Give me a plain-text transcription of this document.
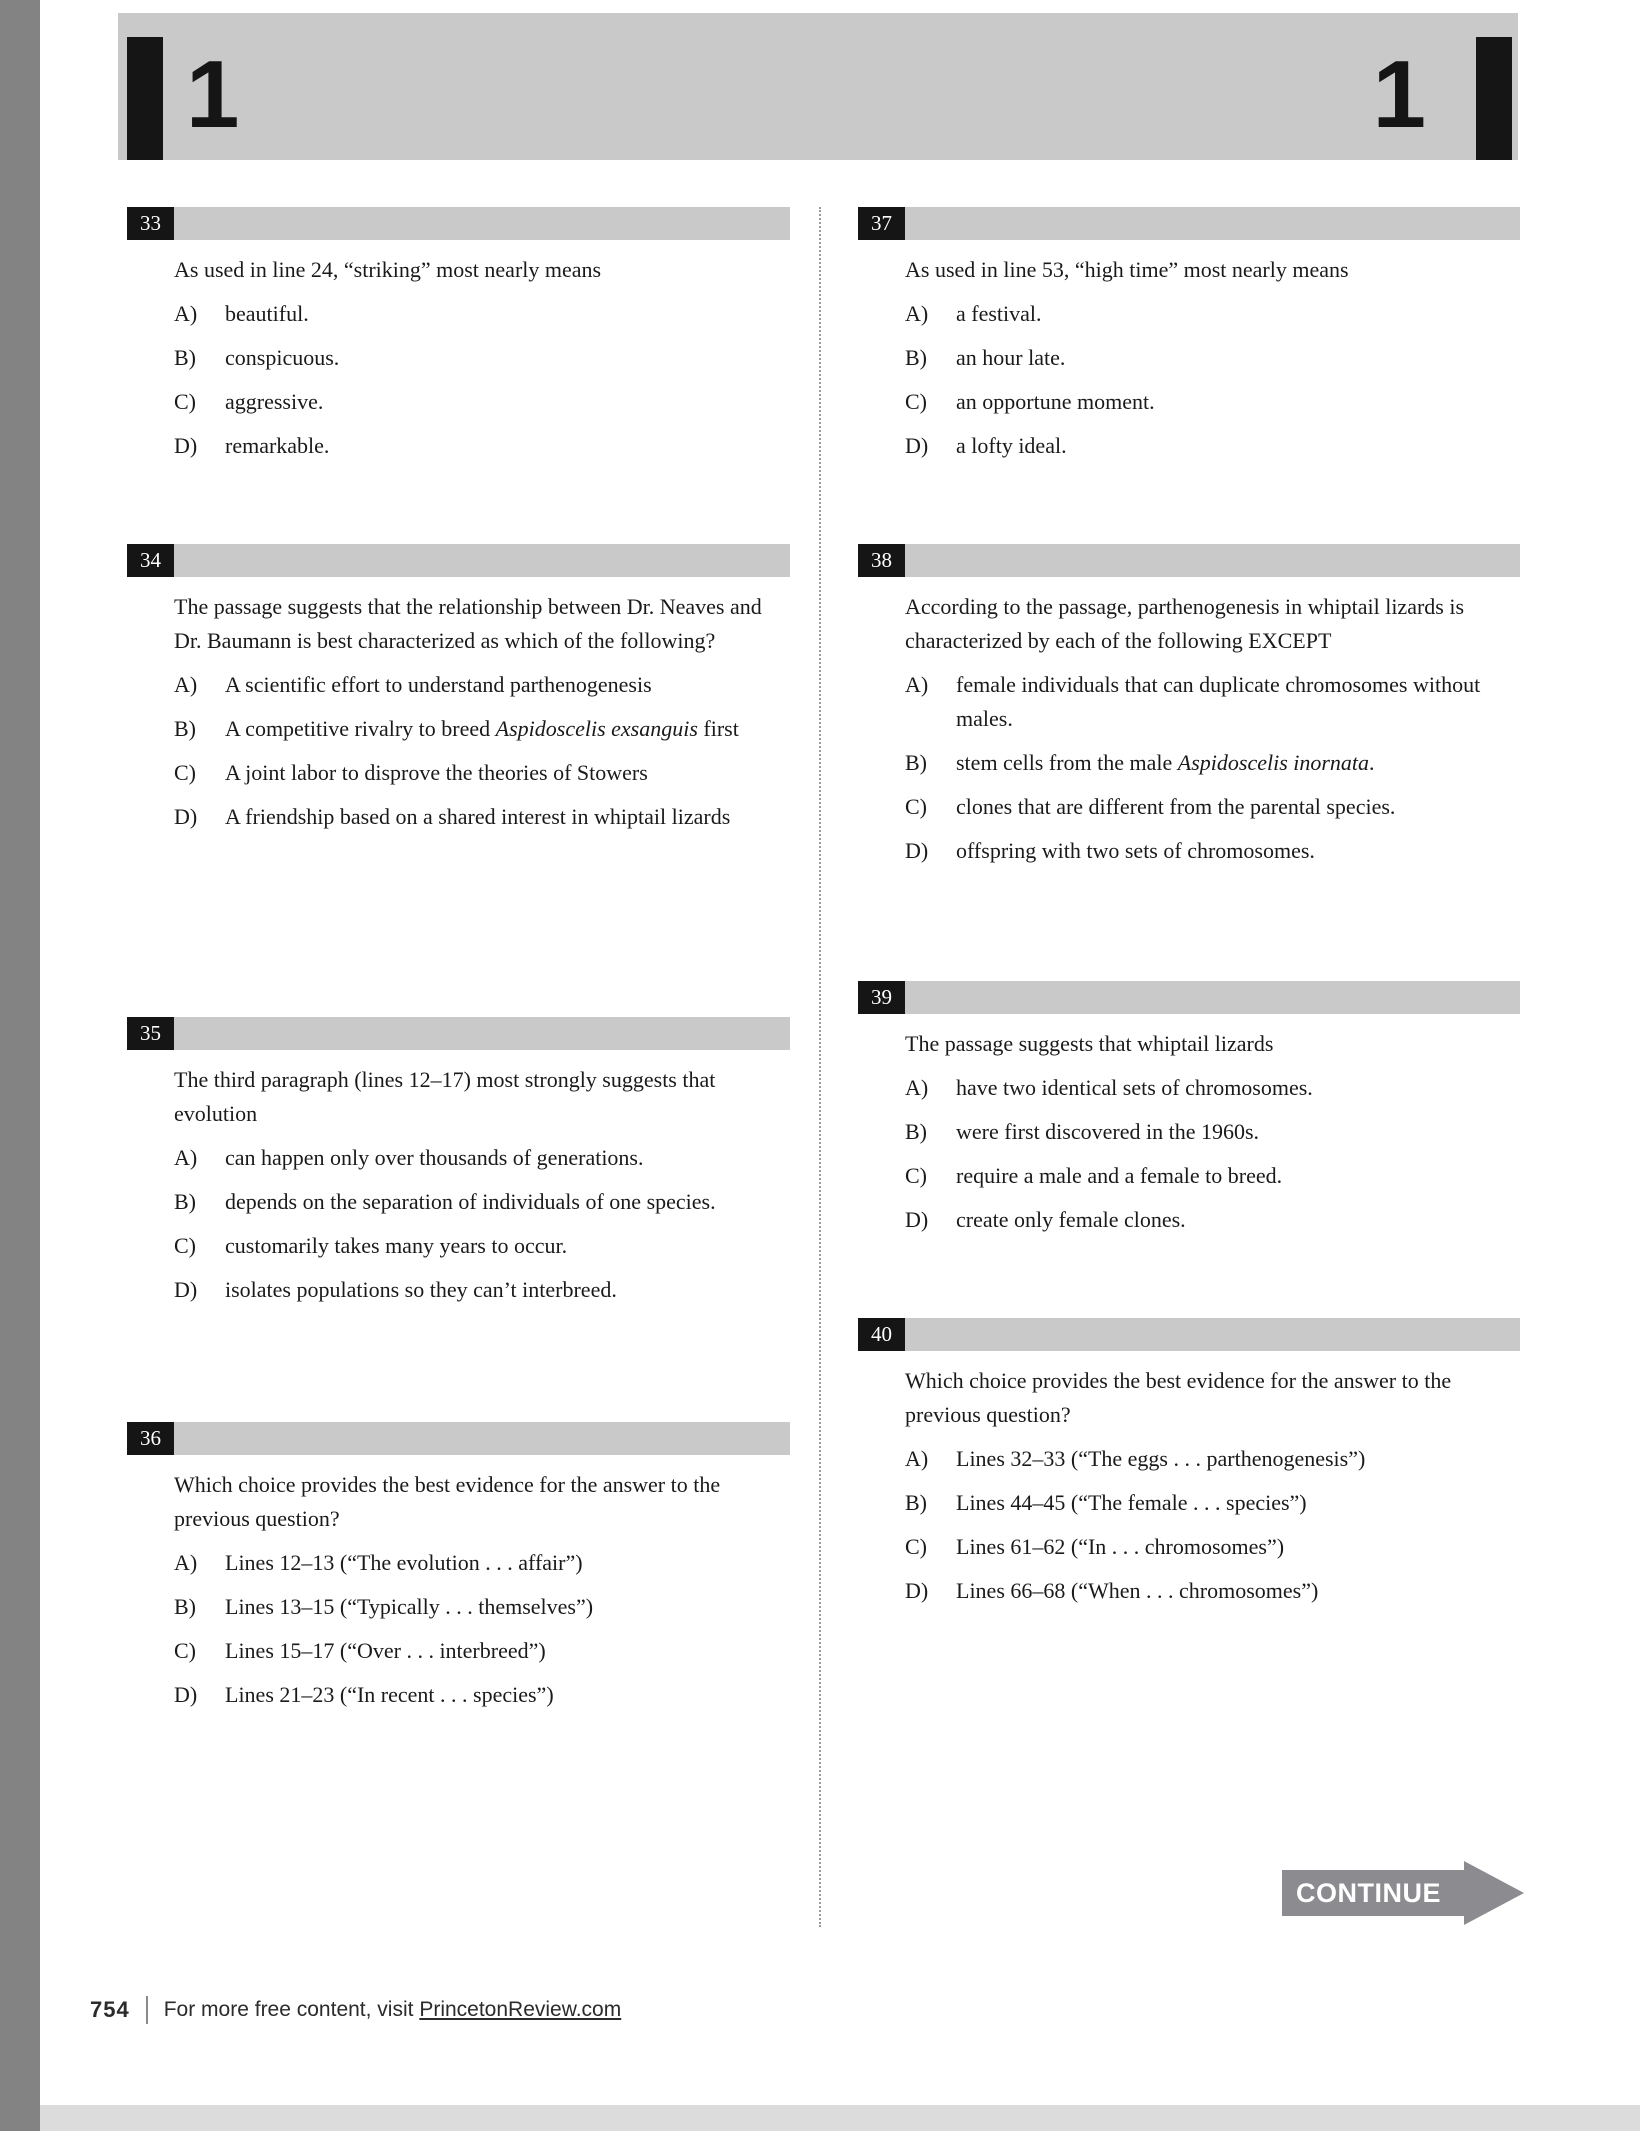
1	1
33
As used in line 24, “striking” most nearly means
A)	beautiful.
B)	conspicuous.
C)	aggressive.
D)	remarkable.
34
The passage suggests that the relationship between Dr. Neaves and Dr. Baumann is best characterized as which of the following?
A)	A scientific effort to understand parthenogenesis
B)	A competitive rivalry to breed Aspidoscelis exsanguis first
C)	A joint labor to disprove the theories of Stowers
D)	A friendship based on a shared interest in whiptail lizards
35
The third paragraph (lines 12–17) most strongly suggests that evolution
A)	can happen only over thousands of generations.
B)	depends on the separation of individuals of one species.
C)	customarily takes many years to occur.
D)	isolates populations so they can’t interbreed.
36
Which choice provides the best evidence for the answer to the previous question?
A)	Lines 12–13 (“The evolution . . . affair”)
B)	Lines 13–15 (“Typically . . . themselves”)
C)	Lines 15–17 (“Over . . . interbreed”)
D)	Lines 21–23 (“In recent . . . species”)
37
As used in line 53, “high time” most nearly means
A)	a festival.
B)	an hour late.
C)	an opportune moment.
D)	a lofty ideal.
38
According to the passage, parthenogenesis in whiptail lizards is characterized by each of the following EXCEPT
A)	female individuals that can duplicate chromosomes without males.
B)	stem cells from the male Aspidoscelis inornata.
C)	clones that are different from the parental species.
D)	offspring with two sets of chromosomes.
39
The passage suggests that whiptail lizards
A)	have two identical sets of chromosomes.
B)	were first discovered in the 1960s.
C)	require a male and a female to breed.
D)	create only female clones.
40
Which choice provides the best evidence for the answer to the previous question?
A)	Lines 32–33 (“The eggs . . . parthenogenesis”)
B)	Lines 44–45 (“The female . . . species”)
C)	Lines 61–62 (“In . . . chromosomes”)
D)	Lines 66–68 (“When . . . chromosomes”)
CONTINUE
754 For more free content, visit PrincetonReview.com
